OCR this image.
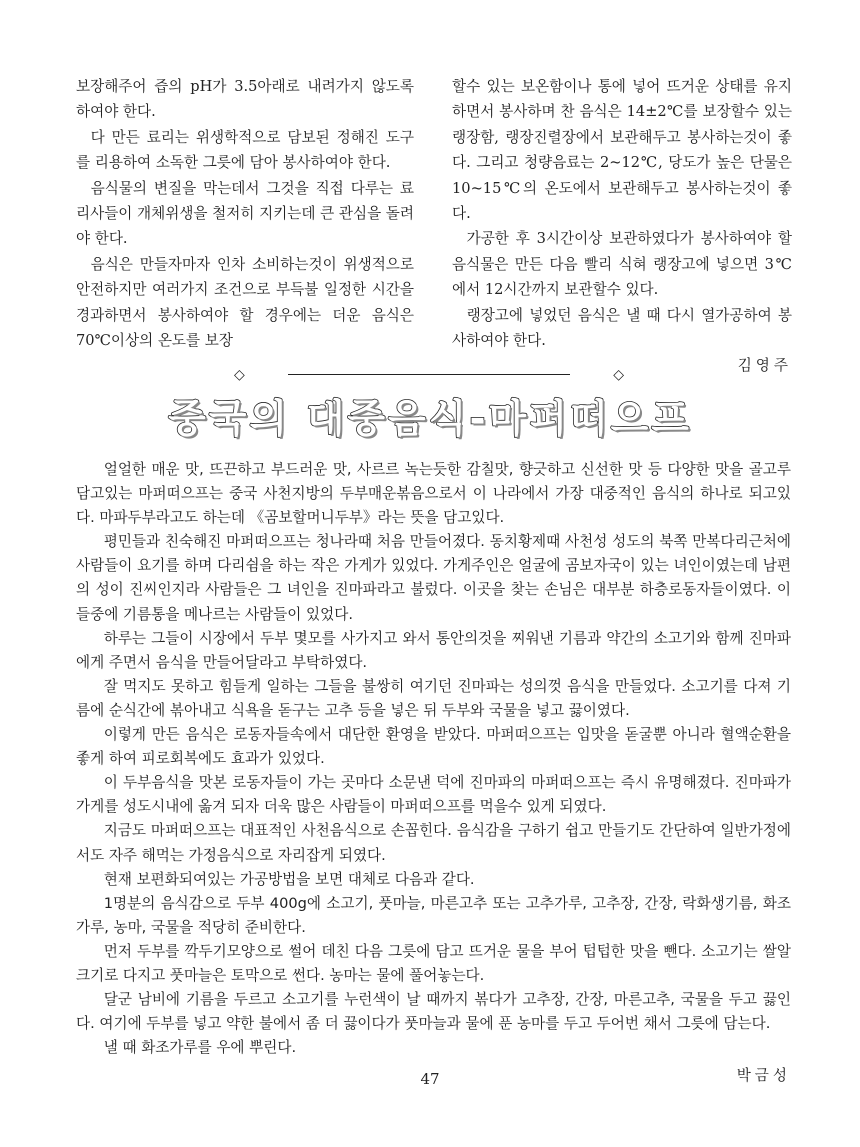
보장해주어 즙의 pH가 3.5아래로 내려가지 않도록 하여야 한다.

다 만든 료리는 위생학적으로 담보된 정해진 도구를 리용하여 소독한 그릇에 담아 봉사하여야 한다.

음식물의 변질을 막는데서 그것을 직접 다루는 료리사들이 개체위생을 철저히 지키는데 큰 관심을 돌려야 한다.

음식은 만들자마자 인차 소비하는것이 위생적으로 안전하지만 여러가지 조건으로 부득불 일정한 시간을 경과하면서 봉사하여야 할 경우에는 더운 음식은 70℃이상의 온도를 보장

할수 있는 보온함이나 통에 넣어 뜨거운 상태를 유지하면서 봉사하며 찬 음식은 14±2℃를 보장할수 있는 랭장함, 랭장진렬장에서 보관해두고 봉사하는것이 좋다. 그리고 청량음료는 2~12℃, 당도가 높은 단물은 10~15℃의 온도에서 보관해두고 봉사하는것이 좋다.

가공한 후 3시간이상 보관하였다가 봉사하여야 할 음식물은 만든 다음 빨리 식혀 랭장고에 넣으면 3℃에서 12시간까지 보관할수 있다.

랭장고에 넣었던 음식은 낼 때 다시 열가공하여 봉사하여야 한다.

김영주
◇	◇
중국의 대중음식-마퍼떠으프

얼얼한 매운 맛, 뜨끈하고 부드러운 맛, 사르르 녹는듯한 감칠맛, 향긋하고 신선한 맛 등 다양한 맛을 골고루 담고있는 마퍼떠으프는 중국 사천지방의 두부매운볶음으로서 이 나라에서 가장 대중적인 음식의 하나로 되고있다. 마파두부라고도 하는데 《곰보할머니두부》라는 뜻을 담고있다.

평민들과 친숙해진 마퍼떠으프는 청나라때 처음 만들어졌다. 동치황제때 사천성 성도의 북쪽 만복다리근처에 사람들이 요기를 하며 다리쉼을 하는 작은 가게가 있었다. 가게주인은 얼굴에 곰보자국이 있는 녀인이였는데 남편의 성이 진씨인지라 사람들은 그 녀인을 진마파라고 불렀다. 이곳을 찾는 손님은 대부분 하층로동자들이였다. 이들중에 기름통을 메나르는 사람들이 있었다.

하루는 그들이 시장에서 두부 몇모를 사가지고 와서 통안의것을 찌워낸 기름과 약간의 소고기와 함께 진마파에게 주면서 음식을 만들어달라고 부탁하였다.

잘 먹지도 못하고 힘들게 일하는 그들을 불쌍히 여기던 진마파는 성의껏 음식을 만들었다. 소고기를 다져 기름에 순식간에 볶아내고 식욕을 돋구는 고추 등을 넣은 뒤 두부와 국물을 넣고 끓이였다.

이렇게 만든 음식은 로동자들속에서 대단한 환영을 받았다. 마퍼떠으프는 입맛을 돋굴뿐 아니라 혈액순환을 좋게 하여 피로회복에도 효과가 있었다.

이 두부음식을 맛본 로동자들이 가는 곳마다 소문낸 덕에 진마파의 마퍼떠으프는 즉시 유명해졌다. 진마파가 가게를 성도시내에 옮겨 되자 더욱 많은 사람들이 마퍼떠으프를 먹을수 있게 되였다.

지금도 마퍼떠으프는 대표적인 사천음식으로 손꼽힌다. 음식감을 구하기 쉽고 만들기도 간단하여 일반가정에서도 자주 해먹는 가정음식으로 자리잡게 되였다.

현재 보편화되여있는 가공방법을 보면 대체로 다음과 같다.

1명분의 음식감으로 두부 400g에 소고기, 풋마늘, 마른고추 또는 고추가루, 고추장, 간장, 락화생기름, 화조가루, 농마, 국물을 적당히 준비한다.

먼저 두부를 깍두기모양으로 썰어 데친 다음 그릇에 담고 뜨거운 물을 부어 텁텁한 맛을 뺀다. 소고기는 쌀알크기로 다지고 풋마늘은 토막으로 썬다. 농마는 물에 풀어놓는다.

달군 남비에 기름을 두르고 소고기를 누런색이 날 때까지 볶다가 고추장, 간장, 마른고추, 국물을 두고 끓인다. 여기에 두부를 넣고 약한 불에서 좀 더 끓이다가 풋마늘과 물에 푼 농마를 두고 두어번 채서 그릇에 담는다.

낼 때 화조가루를 우에 뿌린다.

박금성
47
